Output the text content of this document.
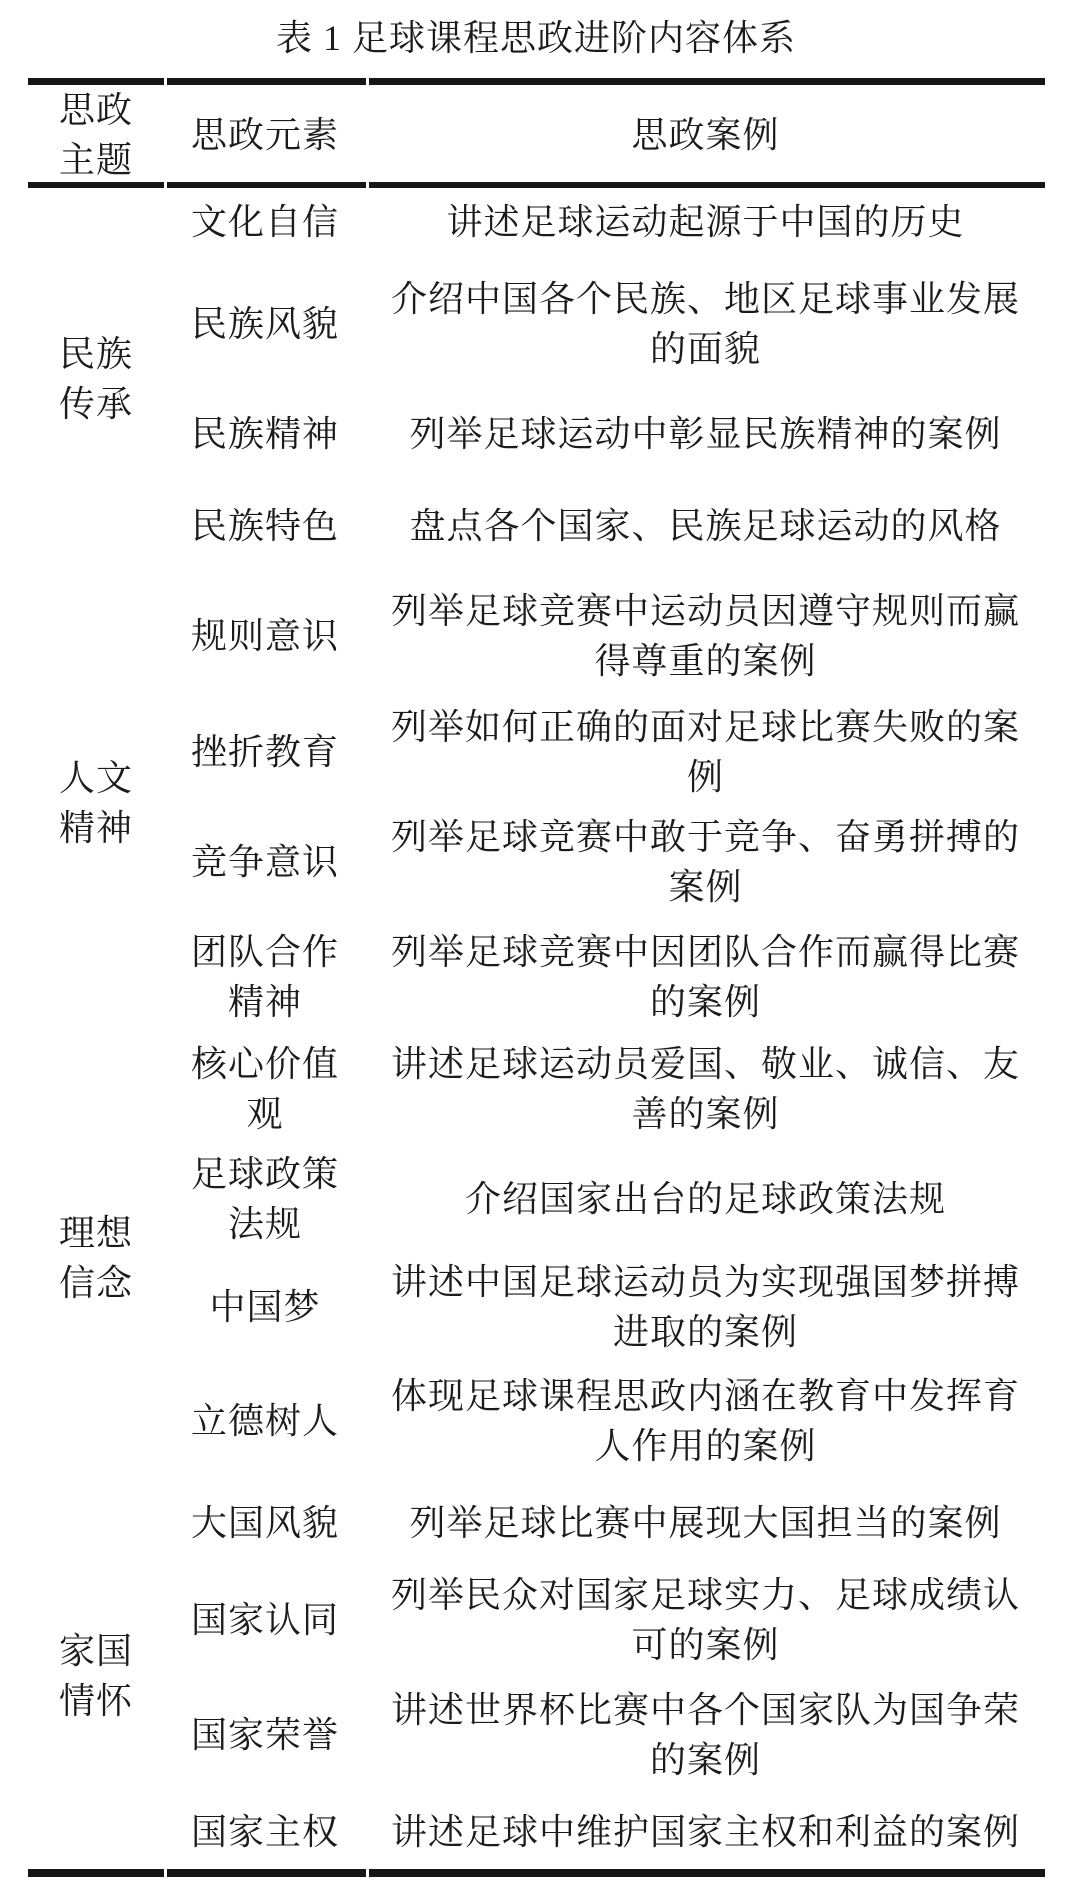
表 1 足球课程思政进阶内容体系
思政主题	思政元素	思政案例
民族传承	文化自信	讲述足球运动起源于中国的历史
	民族风貌	介绍中国各个民族、地区足球事业发展的面貌
	民族精神	列举足球运动中彰显民族精神的案例
	民族特色	盘点各个国家、民族足球运动的风格
人文精神	规则意识	列举足球竞赛中运动员因遵守规则而赢得尊重的案例
	挫折教育	列举如何正确的面对足球比赛失败的案例
	竞争意识	列举足球竞赛中敢于竞争、奋勇拼搏的案例
	团队合作精神	列举足球竞赛中因团队合作而赢得比赛的案例
理想信念	核心价值观	讲述足球运动员爱国、敬业、诚信、友善的案例
	足球政策法规	介绍国家出台的足球政策法规
	中国梦	讲述中国足球运动员为实现强国梦拼搏进取的案例
	立德树人	体现足球课程思政内涵在教育中发挥育人作用的案例
家国情怀	大国风貌	列举足球比赛中展现大国担当的案例
	国家认同	列举民众对国家足球实力、足球成绩认可的案例
	国家荣誉	讲述世界杯比赛中各个国家队为国争荣的案例
	国家主权	讲述足球中维护国家主权和利益的案例
